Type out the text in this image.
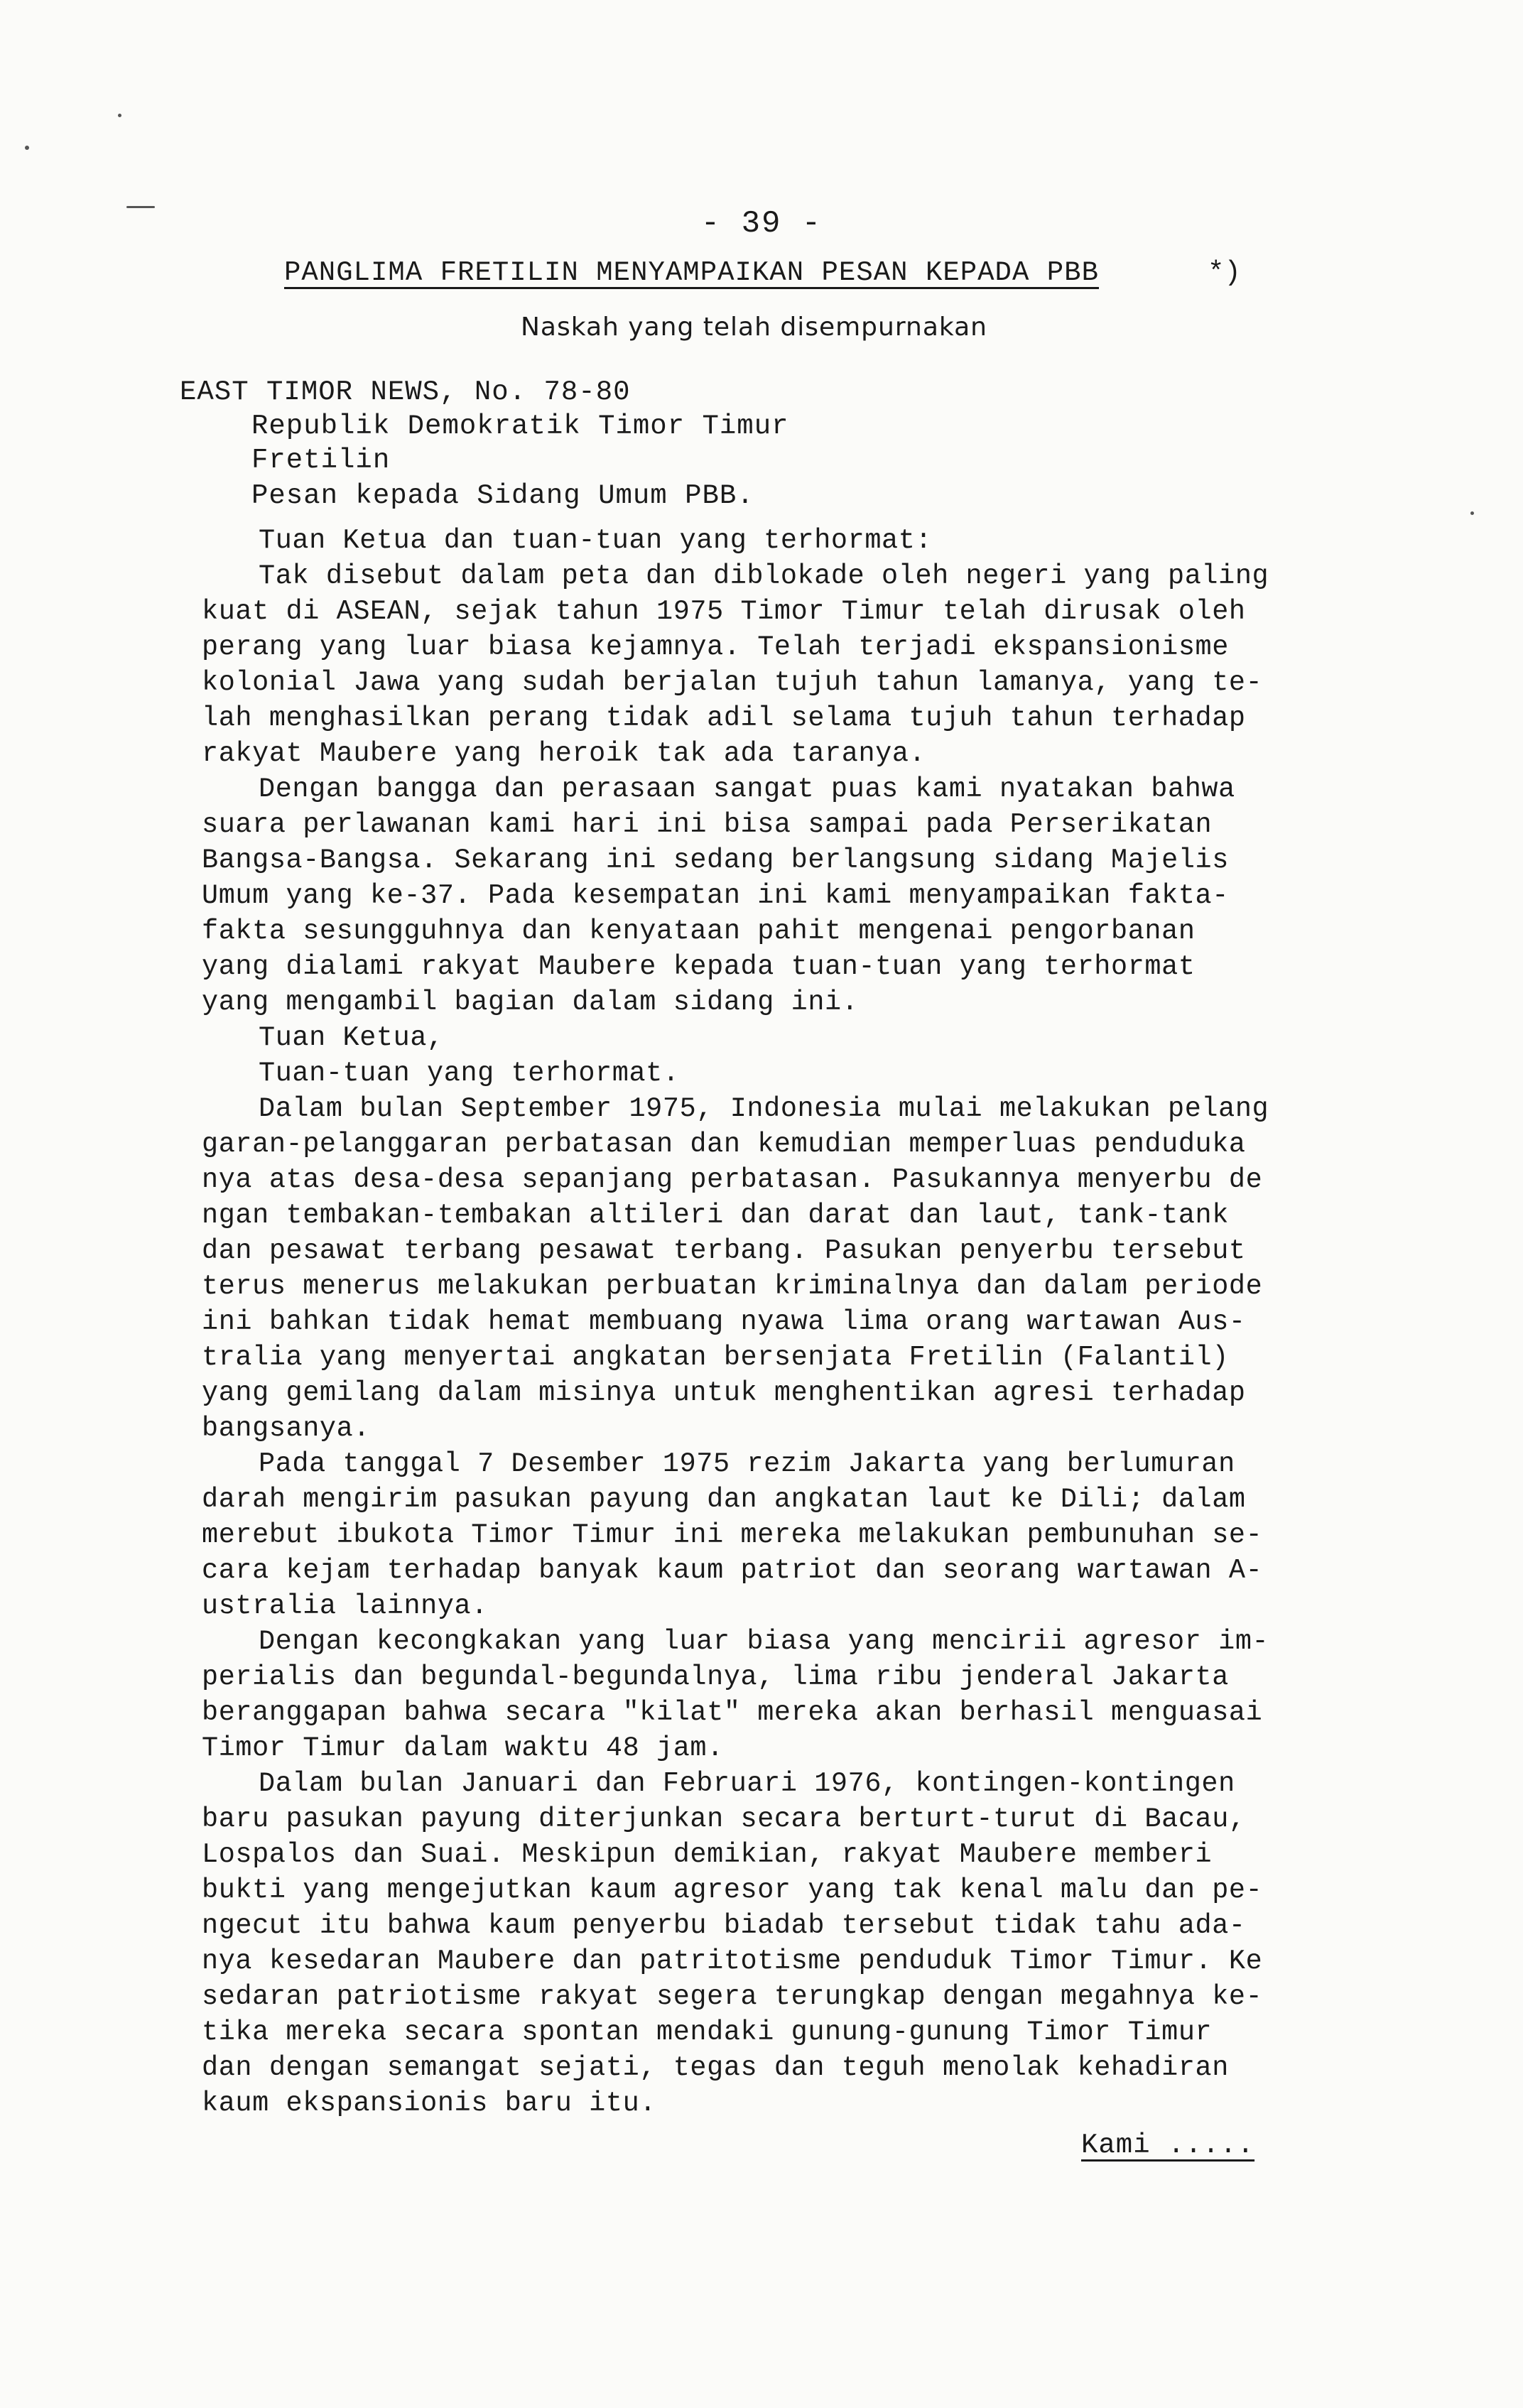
- 39 -
PANGLIMA FRETILIN MENYAMPAIKAN PESAN KEPADA PBB	*)
Naskah yang telah disempurnakan
EAST TIMOR NEWS, No. 78-80
Republik Demokratik Timor Timur
Fretilin
Pesan kepada Sidang Umum PBB.
Tuan Ketua dan tuan-tuan yang terhormat:
Tak disebut dalam peta dan diblokade oleh negeri yang paling
kuat di ASEAN, sejak tahun 1975 Timor Timur telah dirusak oleh
perang yang luar biasa kejamnya. Telah terjadi ekspansionisme
kolonial Jawa yang sudah berjalan tujuh tahun lamanya, yang te-
lah menghasilkan perang tidak adil selama tujuh tahun terhadap
rakyat Maubere yang heroik tak ada taranya.
Dengan bangga dan perasaan sangat puas kami nyatakan bahwa
suara perlawanan kami hari ini bisa sampai pada Perserikatan
Bangsa-Bangsa. Sekarang ini sedang berlangsung sidang Majelis
Umum yang ke-37. Pada kesempatan ini kami menyampaikan fakta-
fakta sesungguhnya dan kenyataan pahit mengenai pengorbanan
yang dialami rakyat Maubere kepada tuan-tuan yang terhormat
yang mengambil bagian dalam sidang ini.
Tuan Ketua,
Tuan-tuan yang terhormat.
Dalam bulan September 1975, Indonesia mulai melakukan pelang
garan-pelanggaran perbatasan dan kemudian memperluas penduduka
nya atas desa-desa sepanjang perbatasan. Pasukannya menyerbu de
ngan tembakan-tembakan altileri dan darat dan laut, tank-tank
dan pesawat terbang pesawat terbang. Pasukan penyerbu tersebut
terus menerus melakukan perbuatan kriminalnya dan dalam periode
ini bahkan tidak hemat membuang nyawa lima orang wartawan Aus-
tralia yang menyertai angkatan bersenjata Fretilin (Falantil)
yang gemilang dalam misinya untuk menghentikan agresi terhadap
bangsanya.
Pada tanggal 7 Desember 1975 rezim Jakarta yang berlumuran
darah mengirim pasukan payung dan angkatan laut ke Dili; dalam
merebut ibukota Timor Timur ini mereka melakukan pembunuhan se-
cara kejam terhadap banyak kaum patriot dan seorang wartawan A-
ustralia lainnya.
Dengan kecongkakan yang luar biasa yang mencirii agresor im-
perialis dan begundal-begundalnya, lima ribu jenderal Jakarta
beranggapan bahwa secara "kilat" mereka akan berhasil menguasai
Timor Timur dalam waktu 48 jam.
Dalam bulan Januari dan Februari 1976, kontingen-kontingen
baru pasukan payung diterjunkan secara berturt-turut di Bacau,
Lospalos dan Suai. Meskipun demikian, rakyat Maubere memberi
bukti yang mengejutkan kaum agresor yang tak kenal malu dan pe-
ngecut itu bahwa kaum penyerbu biadab tersebut tidak tahu ada-
nya kesedaran Maubere dan patritotisme penduduk Timor Timur. Ke
sedaran patriotisme rakyat segera terungkap dengan megahnya ke-
tika mereka secara spontan mendaki gunung-gunung Timor Timur
dan dengan semangat sejati, tegas dan teguh menolak kehadiran
kaum ekspansionis baru itu.
Kami .....
